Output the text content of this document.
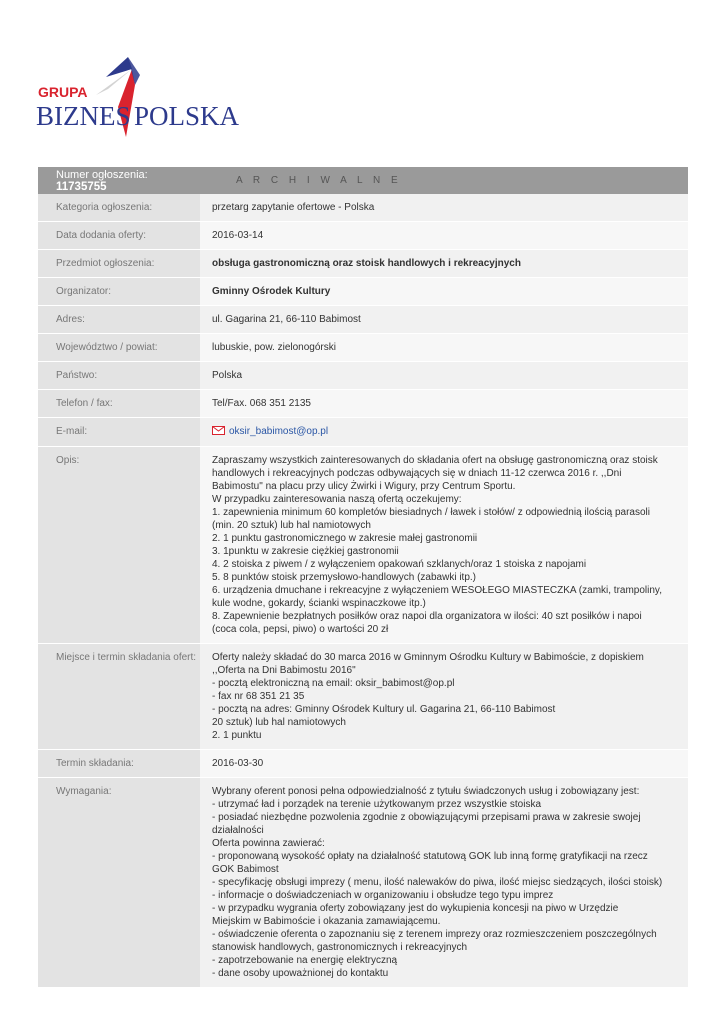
GRUPA
BIZNES POLSKA
Numer ogłoszenia: 11735755	A R C H I W A L N E
Kategoria ogłoszenia:	przetarg zapytanie ofertowe - Polska
Data dodania oferty:	2016-03-14
Przedmiot ogłoszenia:	obsługa gastronomiczną oraz stoisk handlowych i rekreacyjnych
Organizator:	Gminny Ośrodek Kultury
Adres:	ul. Gagarina 21, 66-110 Babimost
Województwo / powiat:	lubuskie, pow. zielonogórski
Państwo:	Polska
Telefon / fax:	Tel/Fax. 068 351 2135
E-mail:	oksir_babimost@op.pl
Opis:	Zapraszamy wszystkich zainteresowanych do składania ofert na obsługę gastronomiczną oraz stoisk
handlowych i rekreacyjnych podczas odbywających się w dniach 11-12 czerwca 2016 r. ,,Dni
Babimostu" na placu przy ulicy Żwirki i Wigury, przy Centrum Sportu.
W przypadku zainteresowania naszą ofertą oczekujemy:
1. zapewnienia minimum 60 kompletów biesiadnych / ławek i stołów/ z odpowiednią ilością parasoli
(min. 20 sztuk) lub hal namiotowych
2. 1 punktu gastronomicznego w zakresie małej gastronomii
3. 1punktu w zakresie ciężkiej gastronomii
4. 2 stoiska z piwem / z wyłączeniem opakowań szklanych/oraz 1 stoiska z napojami
5. 8 punktów stoisk przemysłowo-handlowych (zabawki itp.)
6. urządzenia dmuchane i rekreacyjne z wyłączeniem WESOŁEGO MIASTECZKA (zamki, trampoliny,
kule wodne, gokardy, ścianki wspinaczkowe itp.)
8. Zapewnienie bezpłatnych posiłków oraz napoi dla organizatora w ilości: 40 szt posiłków i napoi
(coca cola, pepsi, piwo) o wartości 20 zł
Miejsce i termin składania ofert:	Oferty należy składać do 30 marca 2016 w Gminnym Ośrodku Kultury w Babimoście, z dopiskiem
,,Oferta na Dni Babimostu 2016"
- pocztą elektroniczną na email: oksir_babimost@op.pl
- fax nr 68 351 21 35
- pocztą na adres: Gminny Ośrodek Kultury ul. Gagarina 21, 66-110 Babimost
20 sztuk) lub hal namiotowych
2. 1 punktu
Termin składania:	2016-03-30
Wymagania:	Wybrany oferent ponosi pełna odpowiedzialność z tytułu świadczonych usług i zobowiązany jest:
- utrzymać ład i porządek na terenie użytkowanym przez wszystkie stoiska
- posiadać niezbędne pozwolenia zgodnie z obowiązującymi przepisami prawa w zakresie swojej
działalności
Oferta powinna zawierać:
- proponowaną wysokość opłaty na działalność statutową GOK lub inną formę gratyfikacji na rzecz
GOK Babimost
- specyfikację obsługi imprezy ( menu, ilość nalewaków do piwa, ilość miejsc siedzących, ilości stoisk)
- informacje o doświadczeniach w organizowaniu i obsłudze tego typu imprez
- w przypadku wygrania oferty zobowiązany jest do wykupienia koncesji na piwo w Urzędzie
Miejskim w Babimoście i okazania zamawiającemu.
- oświadczenie oferenta o zapoznaniu się z terenem imprezy oraz rozmieszczeniem poszczególnych
stanowisk handlowych, gastronomicznych i rekreacyjnych
- zapotrzebowanie na energię elektryczną
- dane osoby upoważnionej do kontaktu
